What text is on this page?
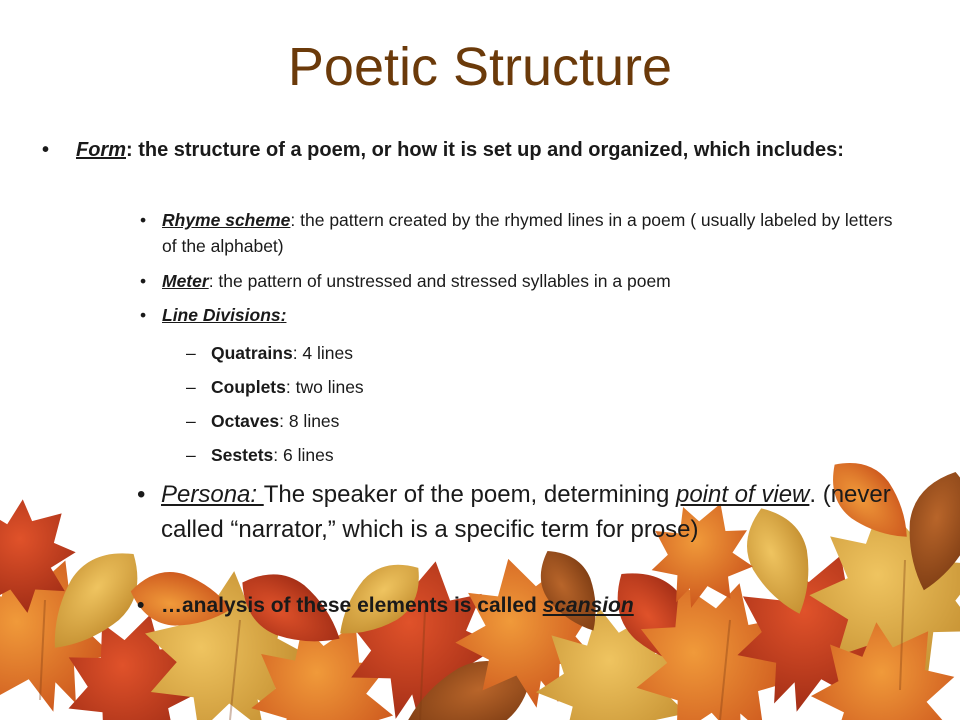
Poetic Structure
• Form: the structure of a poem, or how it is set up and organized, which includes:
• Rhyme scheme: the pattern created by the rhymed lines in a poem ( usually labeled by letters of the alphabet)
• Meter: the pattern of unstressed and stressed syllables in a poem
• Line Divisions:
– Quatrains: 4 lines
– Couplets: two lines
– Octaves: 8 lines
– Sestets: 6 lines
• Persona: The speaker of the poem, determining point of view. (never called “narrator,” which is a specific term for prose)
• …analysis of these elements is called scansion
